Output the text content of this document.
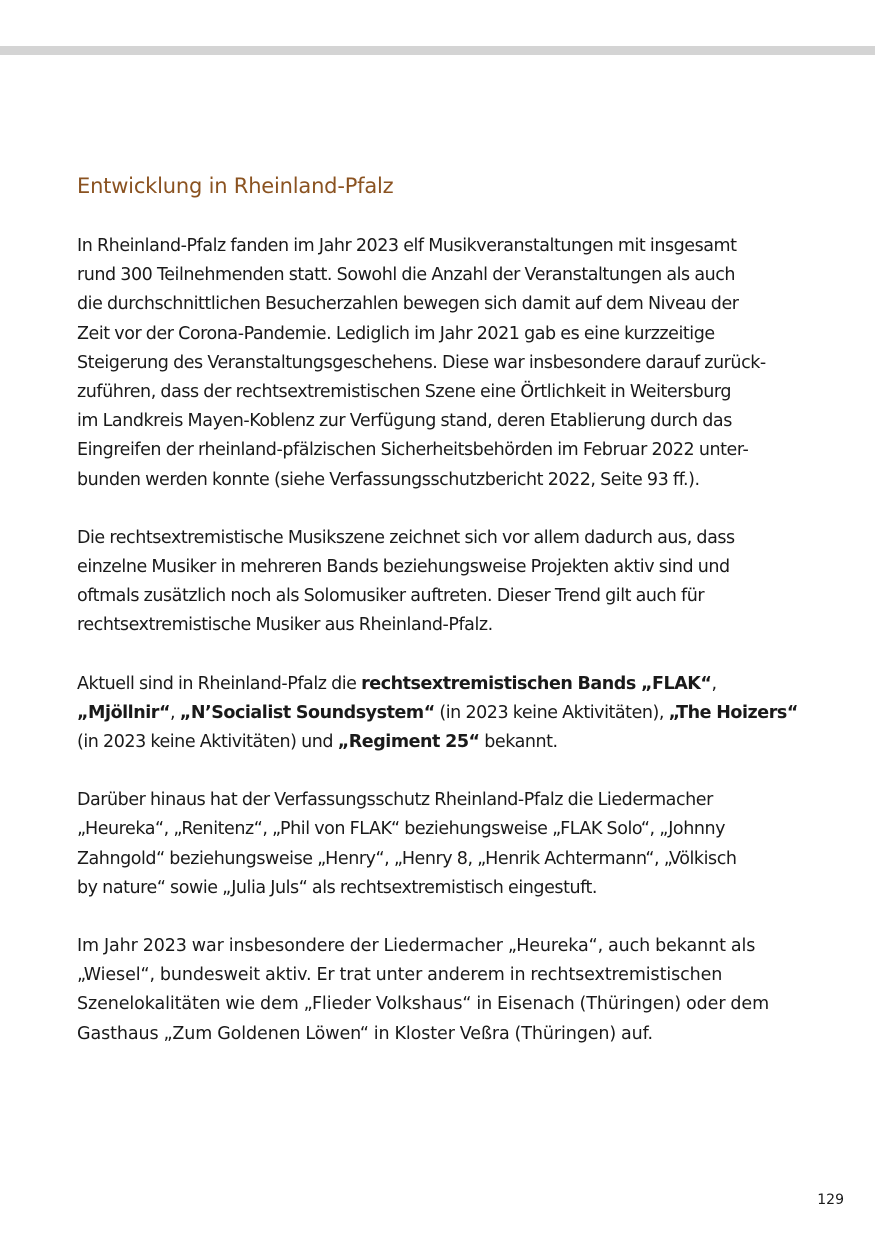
Entwicklung in Rheinland-Pfalz

In Rheinland-Pfalz fanden im Jahr 2023 elf Musikveranstaltungen mit insgesamt
rund 300 Teilnehmenden statt. Sowohl die Anzahl der Veranstaltungen als auch
die durchschnittlichen Besucherzahlen bewegen sich damit auf dem Niveau der
Zeit vor der Corona-Pandemie. Lediglich im Jahr 2021 gab es eine kurzzeitige
Steigerung des Veranstaltungsgeschehens. Diese war insbesondere darauf zurück-
zuführen, dass der rechtsextremistischen Szene eine Örtlichkeit in Weitersburg
im Landkreis Mayen-Koblenz zur Verfügung stand, deren Etablierung durch das
Eingreifen der rheinland-pfälzischen Sicherheitsbehörden im Februar 2022 unter-
bunden werden konnte (siehe Verfassungsschutzbericht 2022, Seite 93 ff.).

Die rechtsextremistische Musikszene zeichnet sich vor allem dadurch aus, dass
einzelne Musiker in mehreren Bands beziehungsweise Projekten aktiv sind und
oftmals zusätzlich noch als Solomusiker auftreten. Dieser Trend gilt auch für
rechtsextremistische Musiker aus Rheinland-Pfalz.

Aktuell sind in Rheinland-Pfalz die rechtsextremistischen Bands „FLAK“,
„Mjöllnir“, „N’Socialist Soundsystem“ (in 2023 keine Aktivitäten), „The Hoizers“
(in 2023 keine Aktivitäten) und „Regiment 25“ bekannt.

Darüber hinaus hat der Verfassungsschutz Rheinland-Pfalz die Liedermacher
„Heureka“, „Renitenz“, „Phil von FLAK“ beziehungsweise „FLAK Solo“, „Johnny
Zahngold“ beziehungsweise „Henry“, „Henry 8, „Henrik Achtermann“, „Völkisch
by nature“ sowie „Julia Juls“ als rechtsextremistisch eingestuft.

Im Jahr 2023 war insbesondere der Liedermacher „Heureka“, auch bekannt als
„Wiesel“, bundesweit aktiv. Er trat unter anderem in rechtsextremistischen
Szenelokalitäten wie dem „Flieder Volkshaus“ in Eisenach (Thüringen) oder dem
Gasthaus „Zum Goldenen Löwen“ in Kloster Veßra (Thüringen) auf.

129
